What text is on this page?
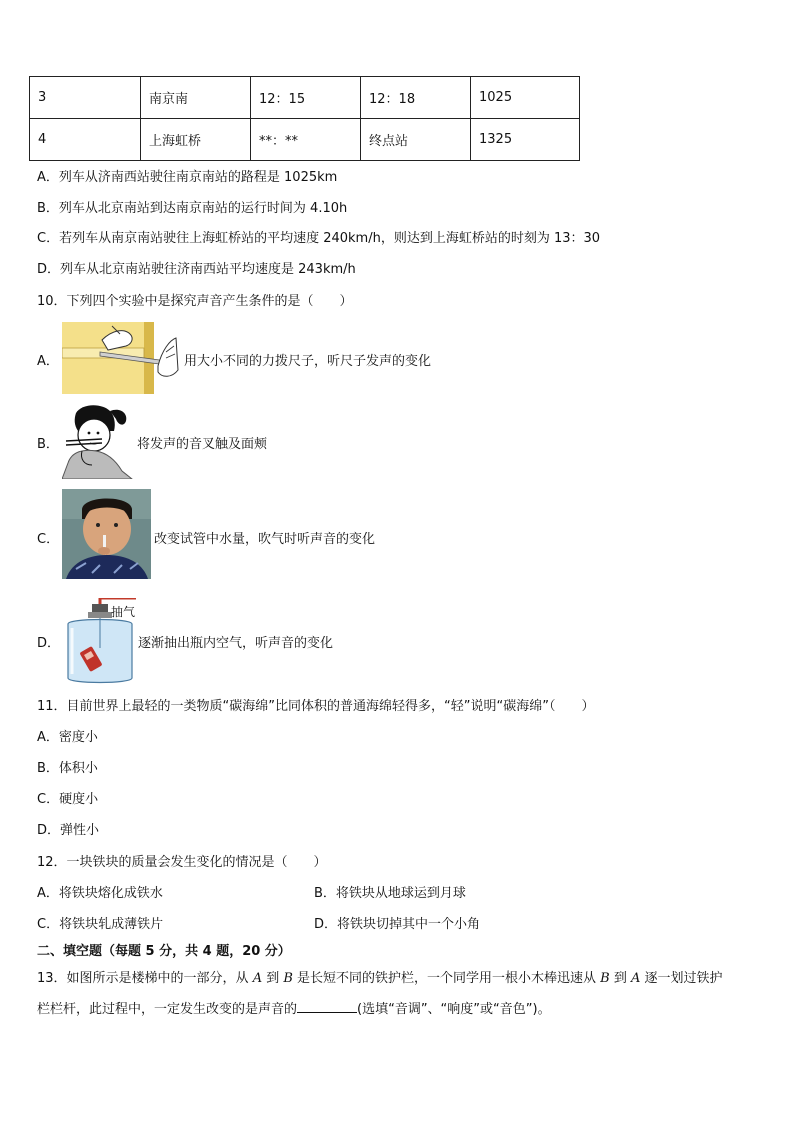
3	南京南	12：15	12：18	1025
4	上海虹桥	**：**	终点站	1325
A．列车从济南西站驶往南京南站的路程是 1025km
B．列车从北京南站到达南京南站的运行时间为 4.10h
C．若列车从南京南站驶往上海虹桥站的平均速度 240km/h，则达到上海虹桥站的时刻为 13：30
D．列车从北京南站驶往济南西站平均速度是 243km/h
10．下列四个实验中是探究声音产生条件的是（　　）
A．	用大小不同的力拨尺子，听尺子发声的变化
B．	将发声的音叉触及面颊
C．	改变试管中水量，吹气时听声音的变化
D．
抽气
逐渐抽出瓶内空气，听声音的变化
11．目前世界上最轻的一类物质“碳海绵”比同体积的普通海绵轻得多，“轻”说明“碳海绵”（　　）
A．密度小
B．体积小
C．硬度小
D．弹性小
12．一块铁块的质量会发生变化的情况是（　　）
A．将铁块熔化成铁水	B．将铁块从地球运到月球
C．将铁块轧成薄铁片	D．将铁块切掉其中一个小角
二、填空题（每题 5 分，共 4 题，20 分）
13．如图所示是楼梯中的一部分，从 A 到 B 是长短不同的铁护栏，一个同学用一根小木棒迅速从 B 到 A 逐一划过铁护
栏栏杆，此过程中，一定发生改变的是声音的	(选填“音调”、“响度”或“音色”)。
